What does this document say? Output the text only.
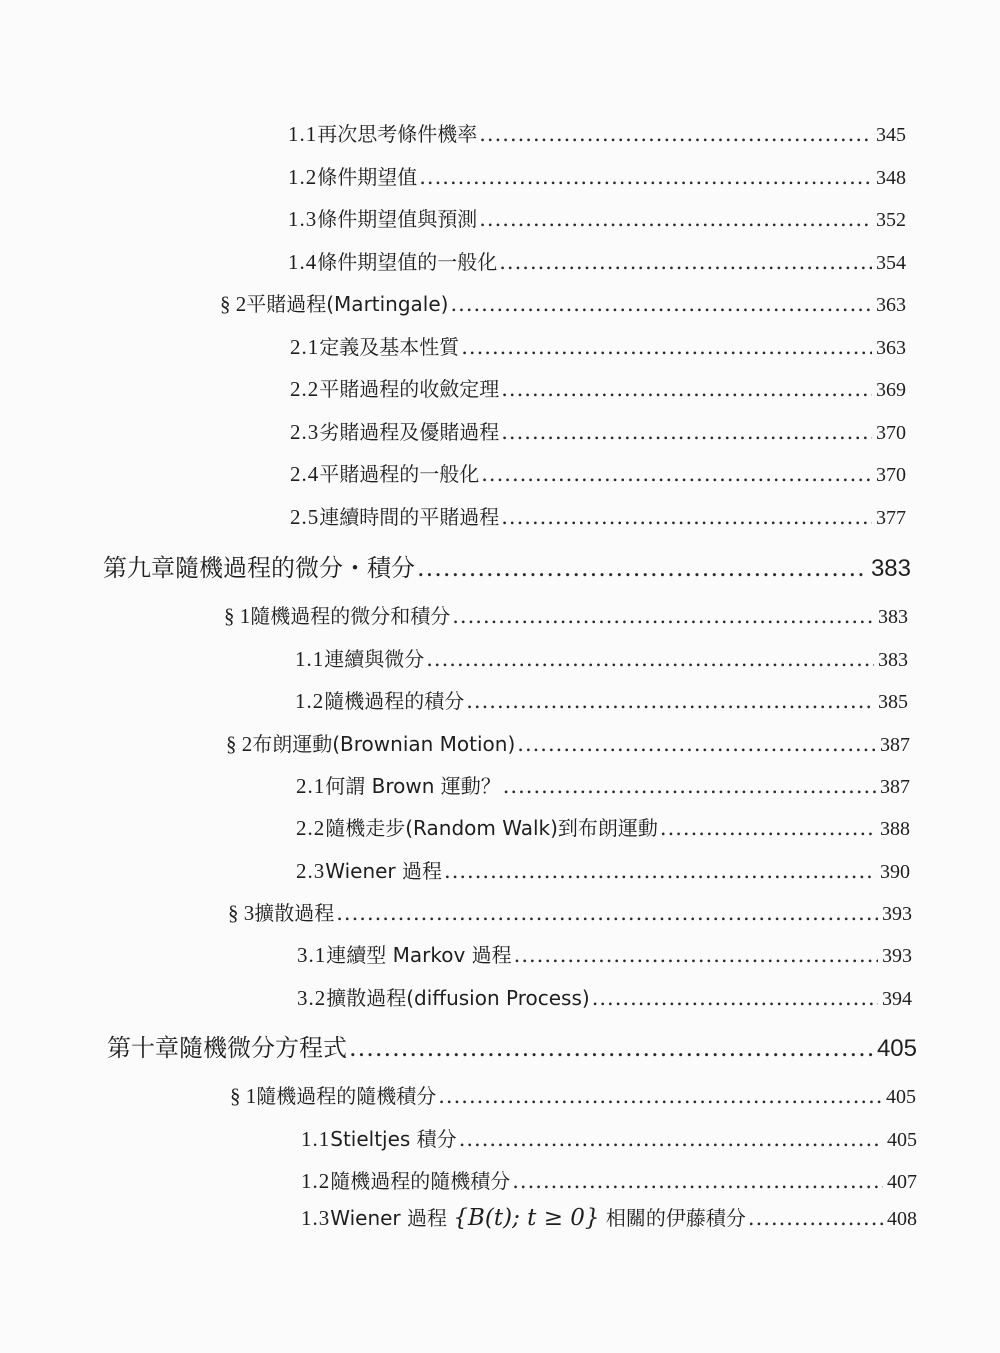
1.1 再次思考條件機率 .....	345
1.2 條件期望值 .....	348
1.3 條件期望值與預測 .....	352
1.4 條件期望值的一般化 .....	354
§ 2 平賭過程(Martingale) .....	363
2.1 定義及基本性質 .....	363
2.2 平賭過程的收斂定理 .....	369
2.3 劣賭過程及優賭過程 .....	370
2.4 平賭過程的一般化 .....	370
2.5 連續時間的平賭過程 .....	377
第九章 隨機過程的微分・積分 .....	383
§ 1 隨機過程的微分和積分 .....	383
1.1 連續與微分 .....	383
1.2 隨機過程的積分 .....	385
§ 2 布朗運動(Brownian Motion) .....	387
2.1 何謂 Brown 運動？ .....	387
2.2 隨機走步(Random Walk)到布朗運動 .....	388
2.3 Wiener 過程 .....	390
§ 3 擴散過程 .....	393
3.1 連續型 Markov 過程 .....	393
3.2 擴散過程(diffusion Process) .....	394
第十章 隨機微分方程式 .....	405
§ 1 隨機過程的隨機積分 .....	405
1.1 Stieltjes 積分 .....	405
1.2 隨機過程的隨機積分 .....	407
1.3 Wiener 過程 {B(t); t ≥ 0} 相關的伊藤積分 .....	408
